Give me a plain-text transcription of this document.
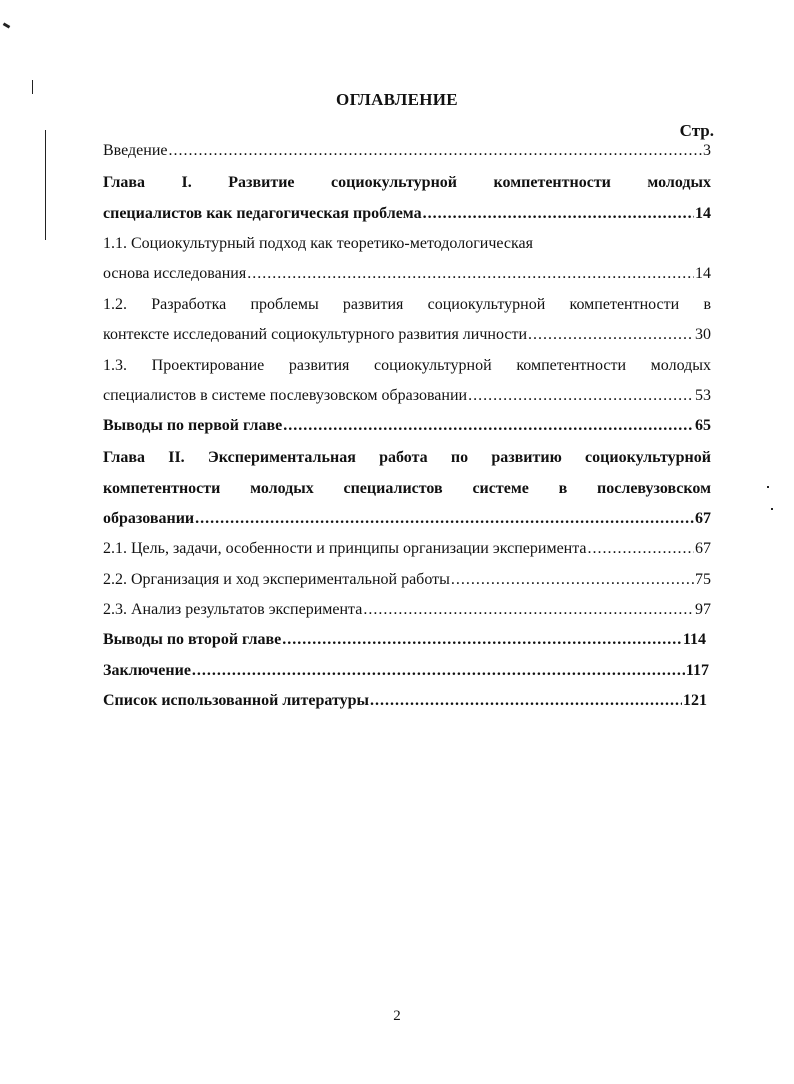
ОГЛАВЛЕНИЕ
Стр.
Введение .....	3
Глава I. Развитие социокультурной компетентности молодых
специалистов как педагогическая проблема .....	14
1.1. Социокультурный подход как теоретико-методологическая
основа исследования .....	14
1.2. Разработка проблемы развития социокультурной компетентности в
контексте исследований социокультурного развития личности .....	30
1.3. Проектирование развития социокультурной компетентности молодых
специалистов в системе послевузовском образовании .....	53
Выводы по первой главе .....	65
Глава II. Экспериментальная работа по развитию социокультурной
компетентности молодых специалистов системе в послевузовском
образовании .....	67
2.1. Цель, задачи, особенности и принципы организации эксперимента .....	67
2.2. Организация и ход экспериментальной работы .....	75
2.3. Анализ результатов эксперимента .....	97
Выводы по второй главе .....	114
Заключение .....	117
Список использованной литературы .....	121
2
